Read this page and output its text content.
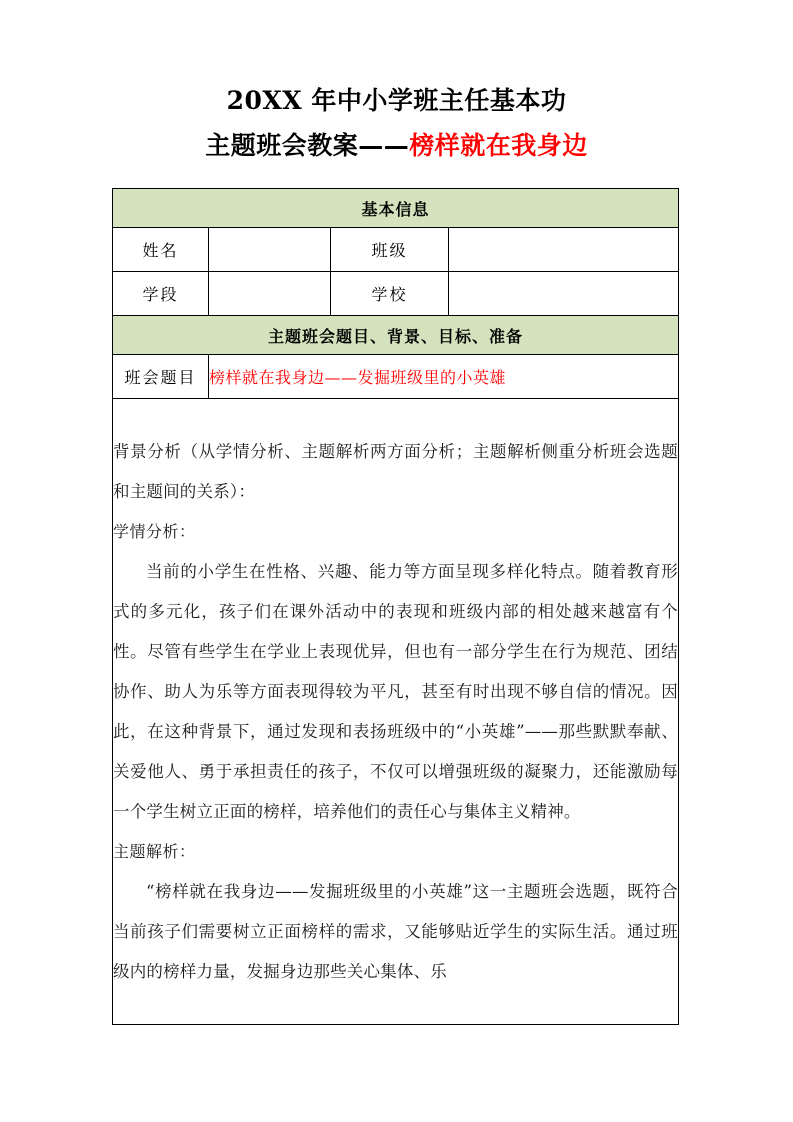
20XX 年中小学班主任基本功
主题班会教案——榜样就在我身边
基本信息			
姓名		班级	
学段		学校	
主题班会题目、背景、目标、准备			
班会题目	榜样就在我身边——发掘班级里的小英雄		

背景分析（从学情分析、主题解析两方面分析；主题解析侧重分析班会选题和主题间的关系）：

学情分析：

当前的小学生在性格、兴趣、能力等方面呈现多样化特点。随着教育形式的多元化，孩子们在课外活动中的表现和班级内部的相处越来越富有个性。尽管有些学生在学业上表现优异，但也有一部分学生在行为规范、团结协作、助人为乐等方面表现得较为平凡，甚至有时出现不够自信的情况。因此，在这种背景下，通过发现和表扬班级中的“小英雄”——那些默默奉献、关爱他人、勇于承担责任的孩子，不仅可以增强班级的凝聚力，还能激励每一个学生树立正面的榜样，培养他们的责任心与集体主义精神。

主题解析：

“榜样就在我身边——发掘班级里的小英雄”这一主题班会选题，既符合当前孩子们需要树立正面榜样的需求，又能够贴近学生的实际生活。通过班级内的榜样力量，发掘身边那些关心集体、乐			
